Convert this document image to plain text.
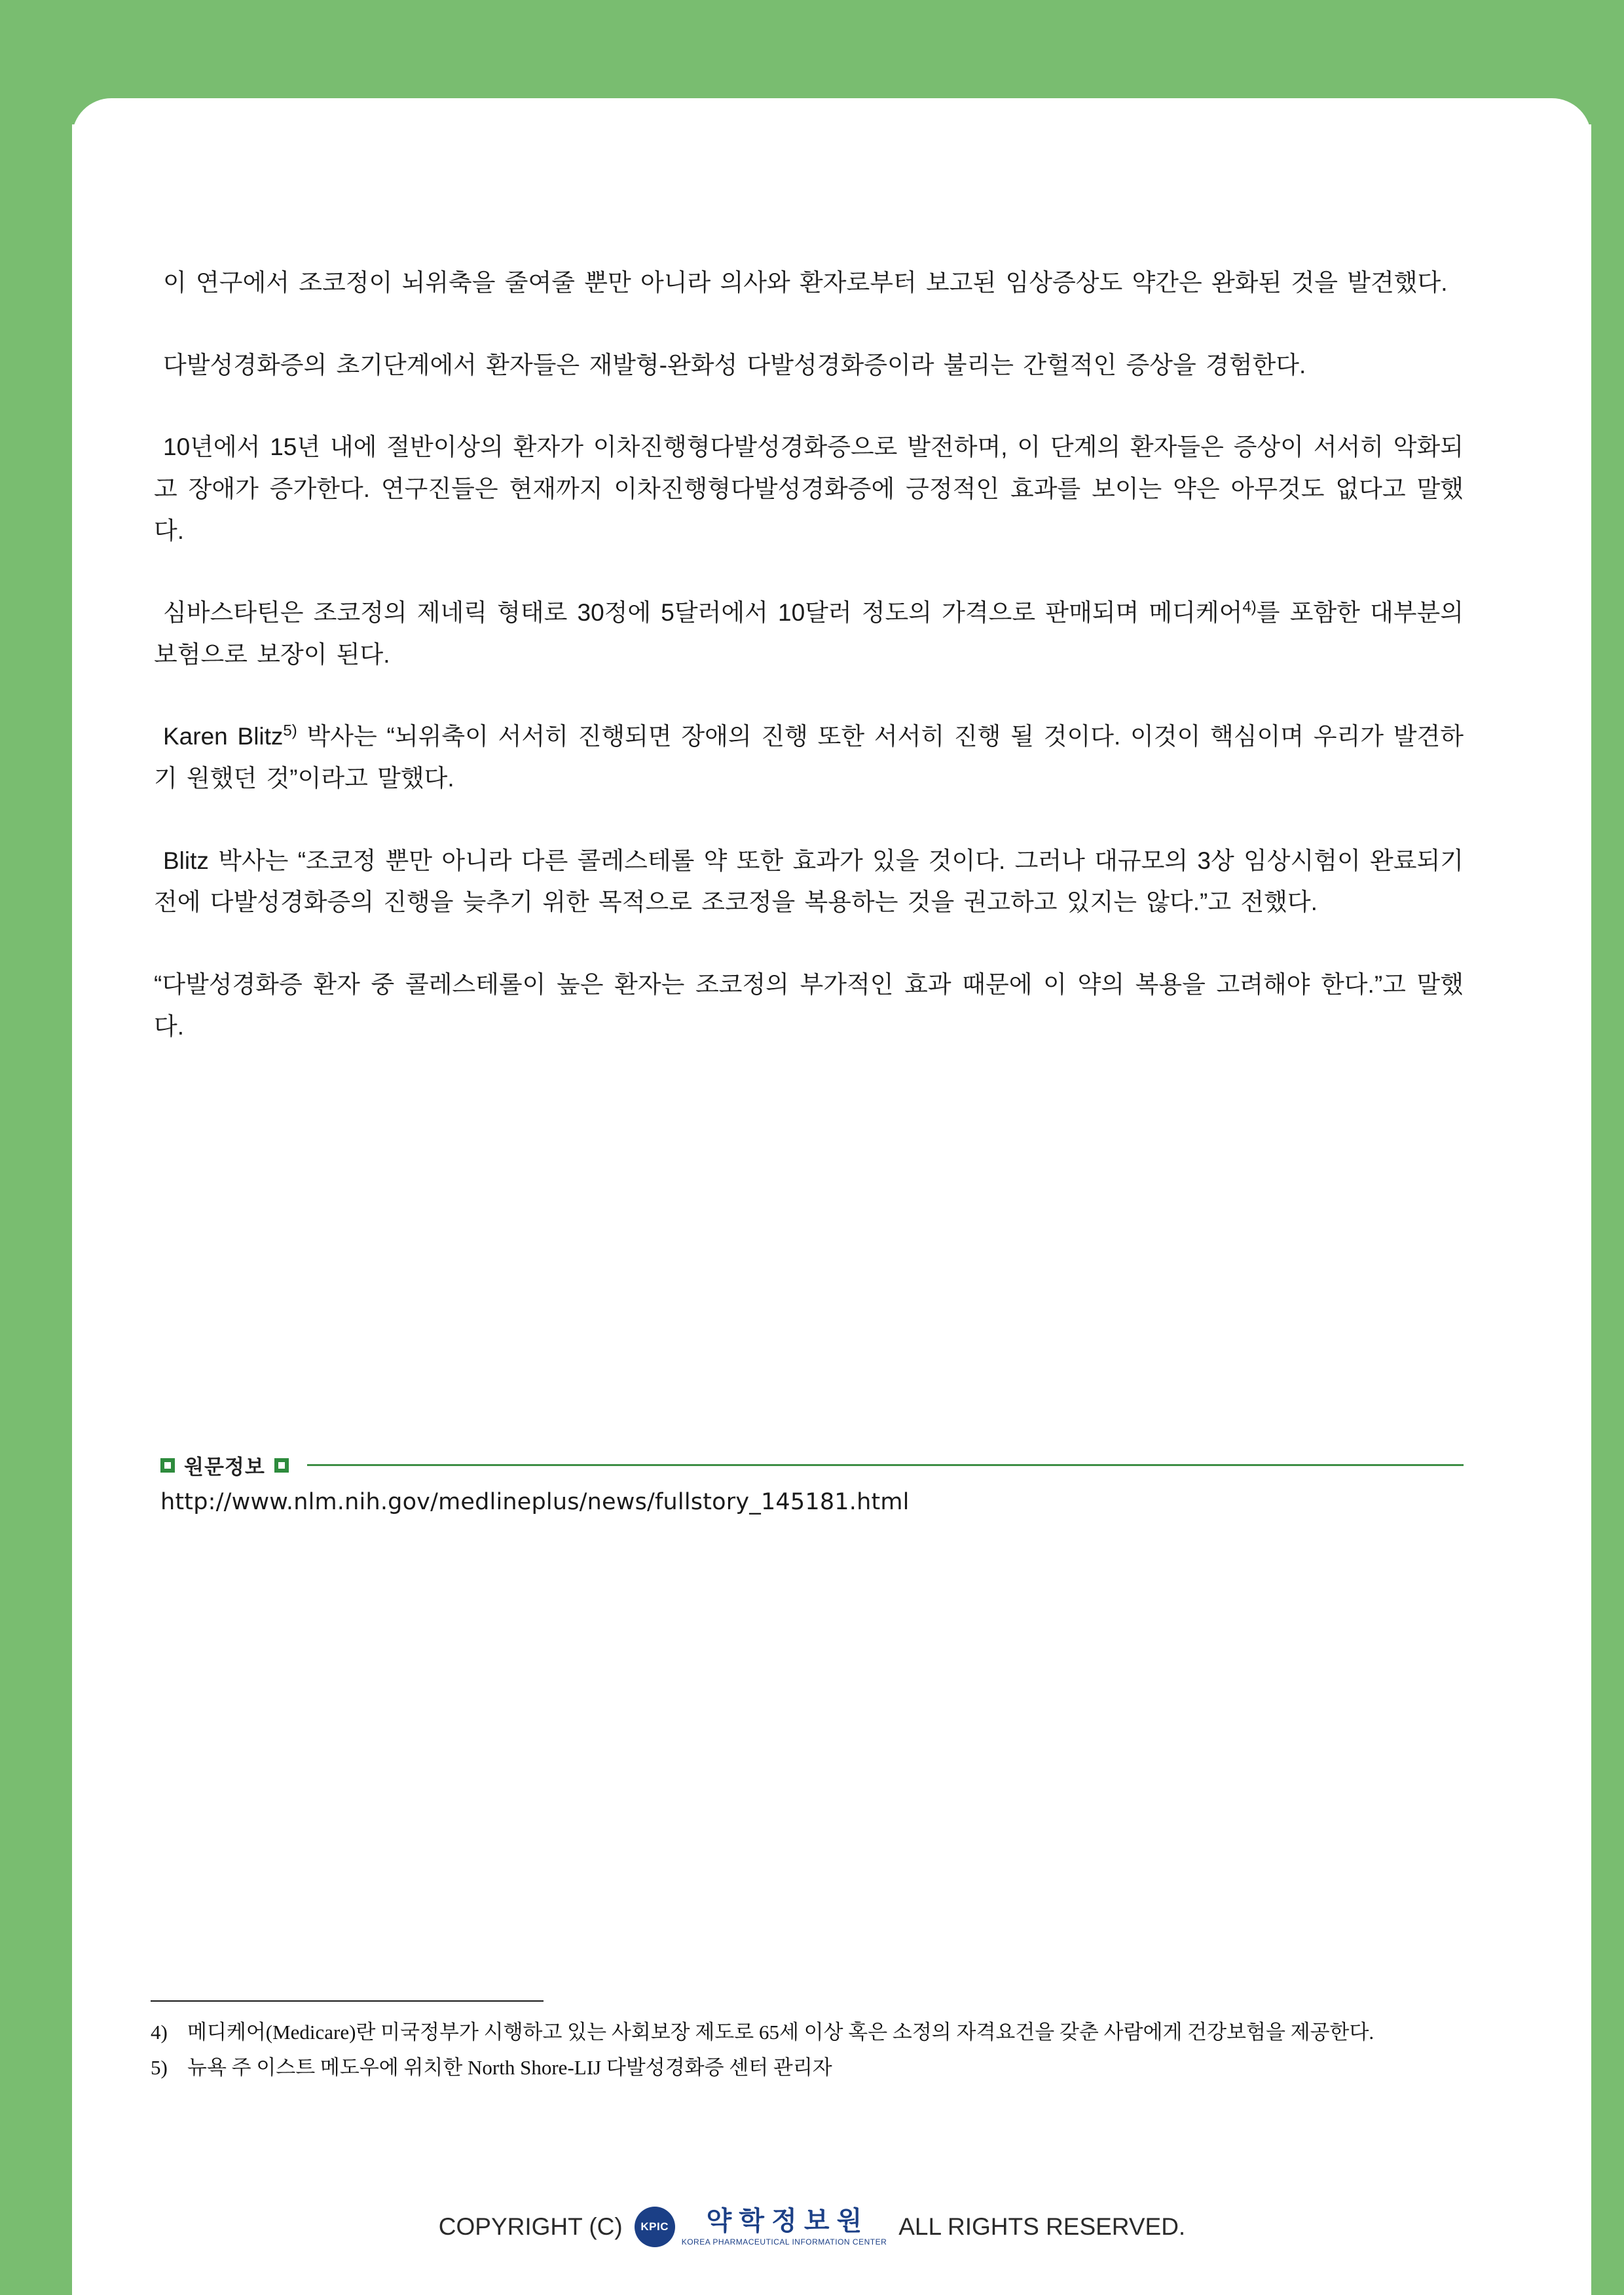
이 연구에서 조코정이 뇌위축을 줄여줄 뿐만 아니라 의사와 환자로부터 보고된 임상증상도 약간은 완화된 것을 발견했다.

다발성경화증의 초기단계에서 환자들은 재발형-완화성 다발성경화증이라 불리는 간헐적인 증상을 경험한다.

10년에서 15년 내에 절반이상의 환자가 이차진행형다발성경화증으로 발전하며, 이 단계의 환자들은 증상이 서서히 악화되고 장애가 증가한다. 연구진들은 현재까지 이차진행형다발성경화증에 긍정적인 효과를 보이는 약은 아무것도 없다고 말했다.

심바스타틴은 조코정의 제네릭 형태로 30정에 5달러에서 10달러 정도의 가격으로 판매되며 메디케어$^{4)}$를 포함한 대부분의 보험으로 보장이 된다.

Karen Blitz$^{5)}$ 박사는 “뇌위축이 서서히 진행되면 장애의 진행 또한 서서히 진행 될 것이다. 이것이 핵심이며 우리가 발견하기 원했던 것”이라고 말했다.

Blitz 박사는 “조코정 뿐만 아니라 다른 콜레스테롤 약 또한 효과가 있을 것이다. 그러나 대규모의 3상 임상시험이 완료되기 전에 다발성경화증의 진행을 늦추기 위한 목적으로 조코정을 복용하는 것을 권고하고 있지는 않다.”고 전했다.

“다발성경화증 환자 중 콜레스테롤이 높은 환자는 조코정의 부가적인 효과 때문에 이 약의 복용을 고려해야 한다.”고 말했다.

원문정보
http://www.nlm.nih.gov/medlineplus/news/fullstory_145181.html
4) 메디케어(Medicare)란 미국정부가 시행하고 있는 사회보장 제도로 65세 이상 혹은 소정의 자격요건을 갖춘 사람에게 건강보험을 제공한다.
5) 뉴욕 주 이스트 메도우에 위치한 North Shore-LIJ 다발성경화증 센터 관리자
COPYRIGHT (C)	KPIC 약 학 정 보 원
KOREA PHARMACEUTICAL INFORMATION CENTER
ALL RIGHTS RESERVED.
